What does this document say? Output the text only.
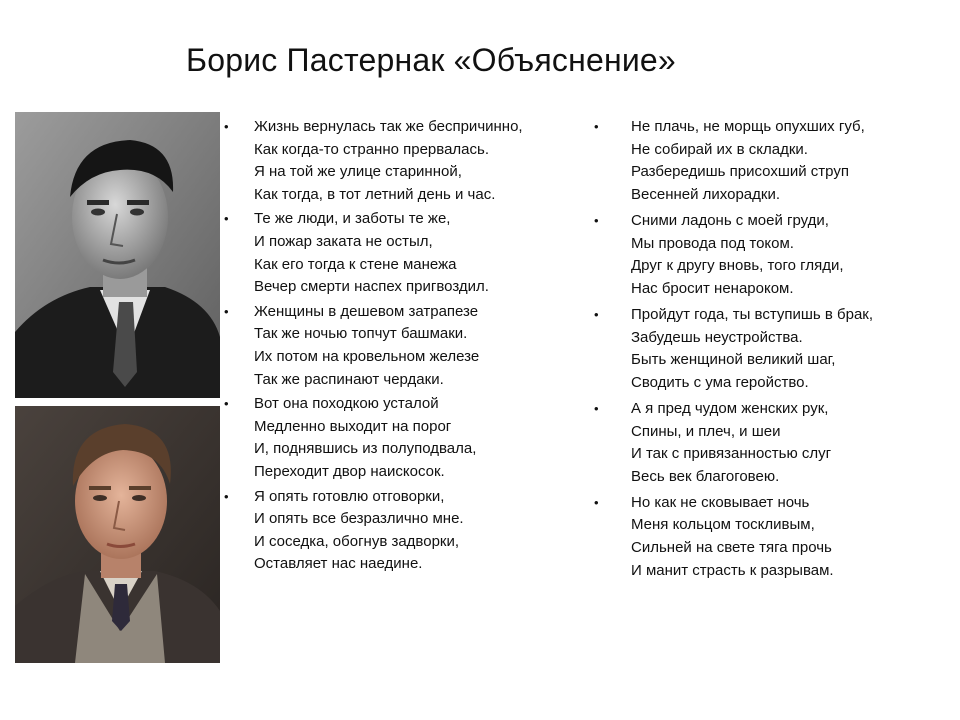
Борис Пастернак «Объяснение»
• Жизнь вернулась так же беспричинно,
Как когда-то странно прервалась.
Я на той же улице старинной,
Как тогда, в тот летний день и час.
• Те же люди, и заботы те же,
И пожар заката не остыл,
Как его тогда к стене манежа
Вечер смерти наспех пригвоздил.
• Женщины в дешевом затрапезе
Так же ночью топчут башмаки.
Их потом на кровельном железе
Так же распинают чердаки.
• Вот она походкою усталой
Медленно выходит на порог
И, поднявшись из полуподвала,
Переходит двор наискосок.
• Я опять готовлю отговорки,
И опять все безразлично мне.
И соседка, обогнув задворки,
Оставляет нас наедине.
• Не плачь, не морщь опухших губ,
Не собирай их в складки.
Разбередишь присохший струп
Весенней лихорадки.
• Сними ладонь с моей груди,
Мы провода под током.
Друг к другу вновь, того гляди,
Нас бросит ненароком.
• Пройдут года, ты вступишь в брак,
Забудешь неустройства.
Быть женщиной великий шаг,
Сводить с ума геройство.
• А я пред чудом женских рук,
Спины, и плеч, и шеи
И так с привязанностью слуг
Весь век благоговею.
• Но как не сковывает ночь
Меня кольцом тоскливым,
Сильней на свете тяга прочь
И манит страсть к разрывам.
